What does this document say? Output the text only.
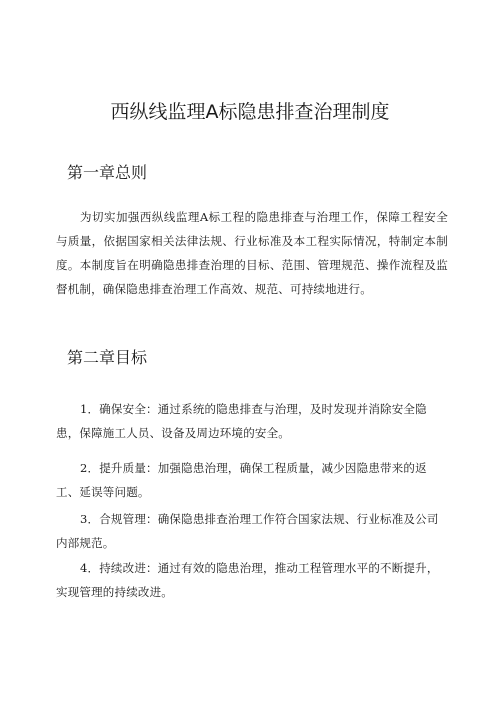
西纵线监理A标隐患排查治理制度
第一章总则

为切实加强西纵线监理A标工程的隐患排查与治理工作，保障工程安全与质量，依据国家相关法律法规、行业标准及本工程实际情况，特制定本制度。本制度旨在明确隐患排查治理的目标、范围、管理规范、操作流程及监督机制，确保隐患排查治理工作高效、规范、可持续地进行。

第二章目标

1．确保安全：通过系统的隐患排查与治理，及时发现并消除安全隐患，保障施工人员、设备及周边环境的安全。

2．提升质量：加强隐患治理，确保工程质量，减少因隐患带来的返工、延误等问题。

3．合规管理：确保隐患排查治理工作符合国家法规、行业标准及公司内部规范。

4．持续改进：通过有效的隐患治理，推动工程管理水平的不断提升，实现管理的持续改进。
